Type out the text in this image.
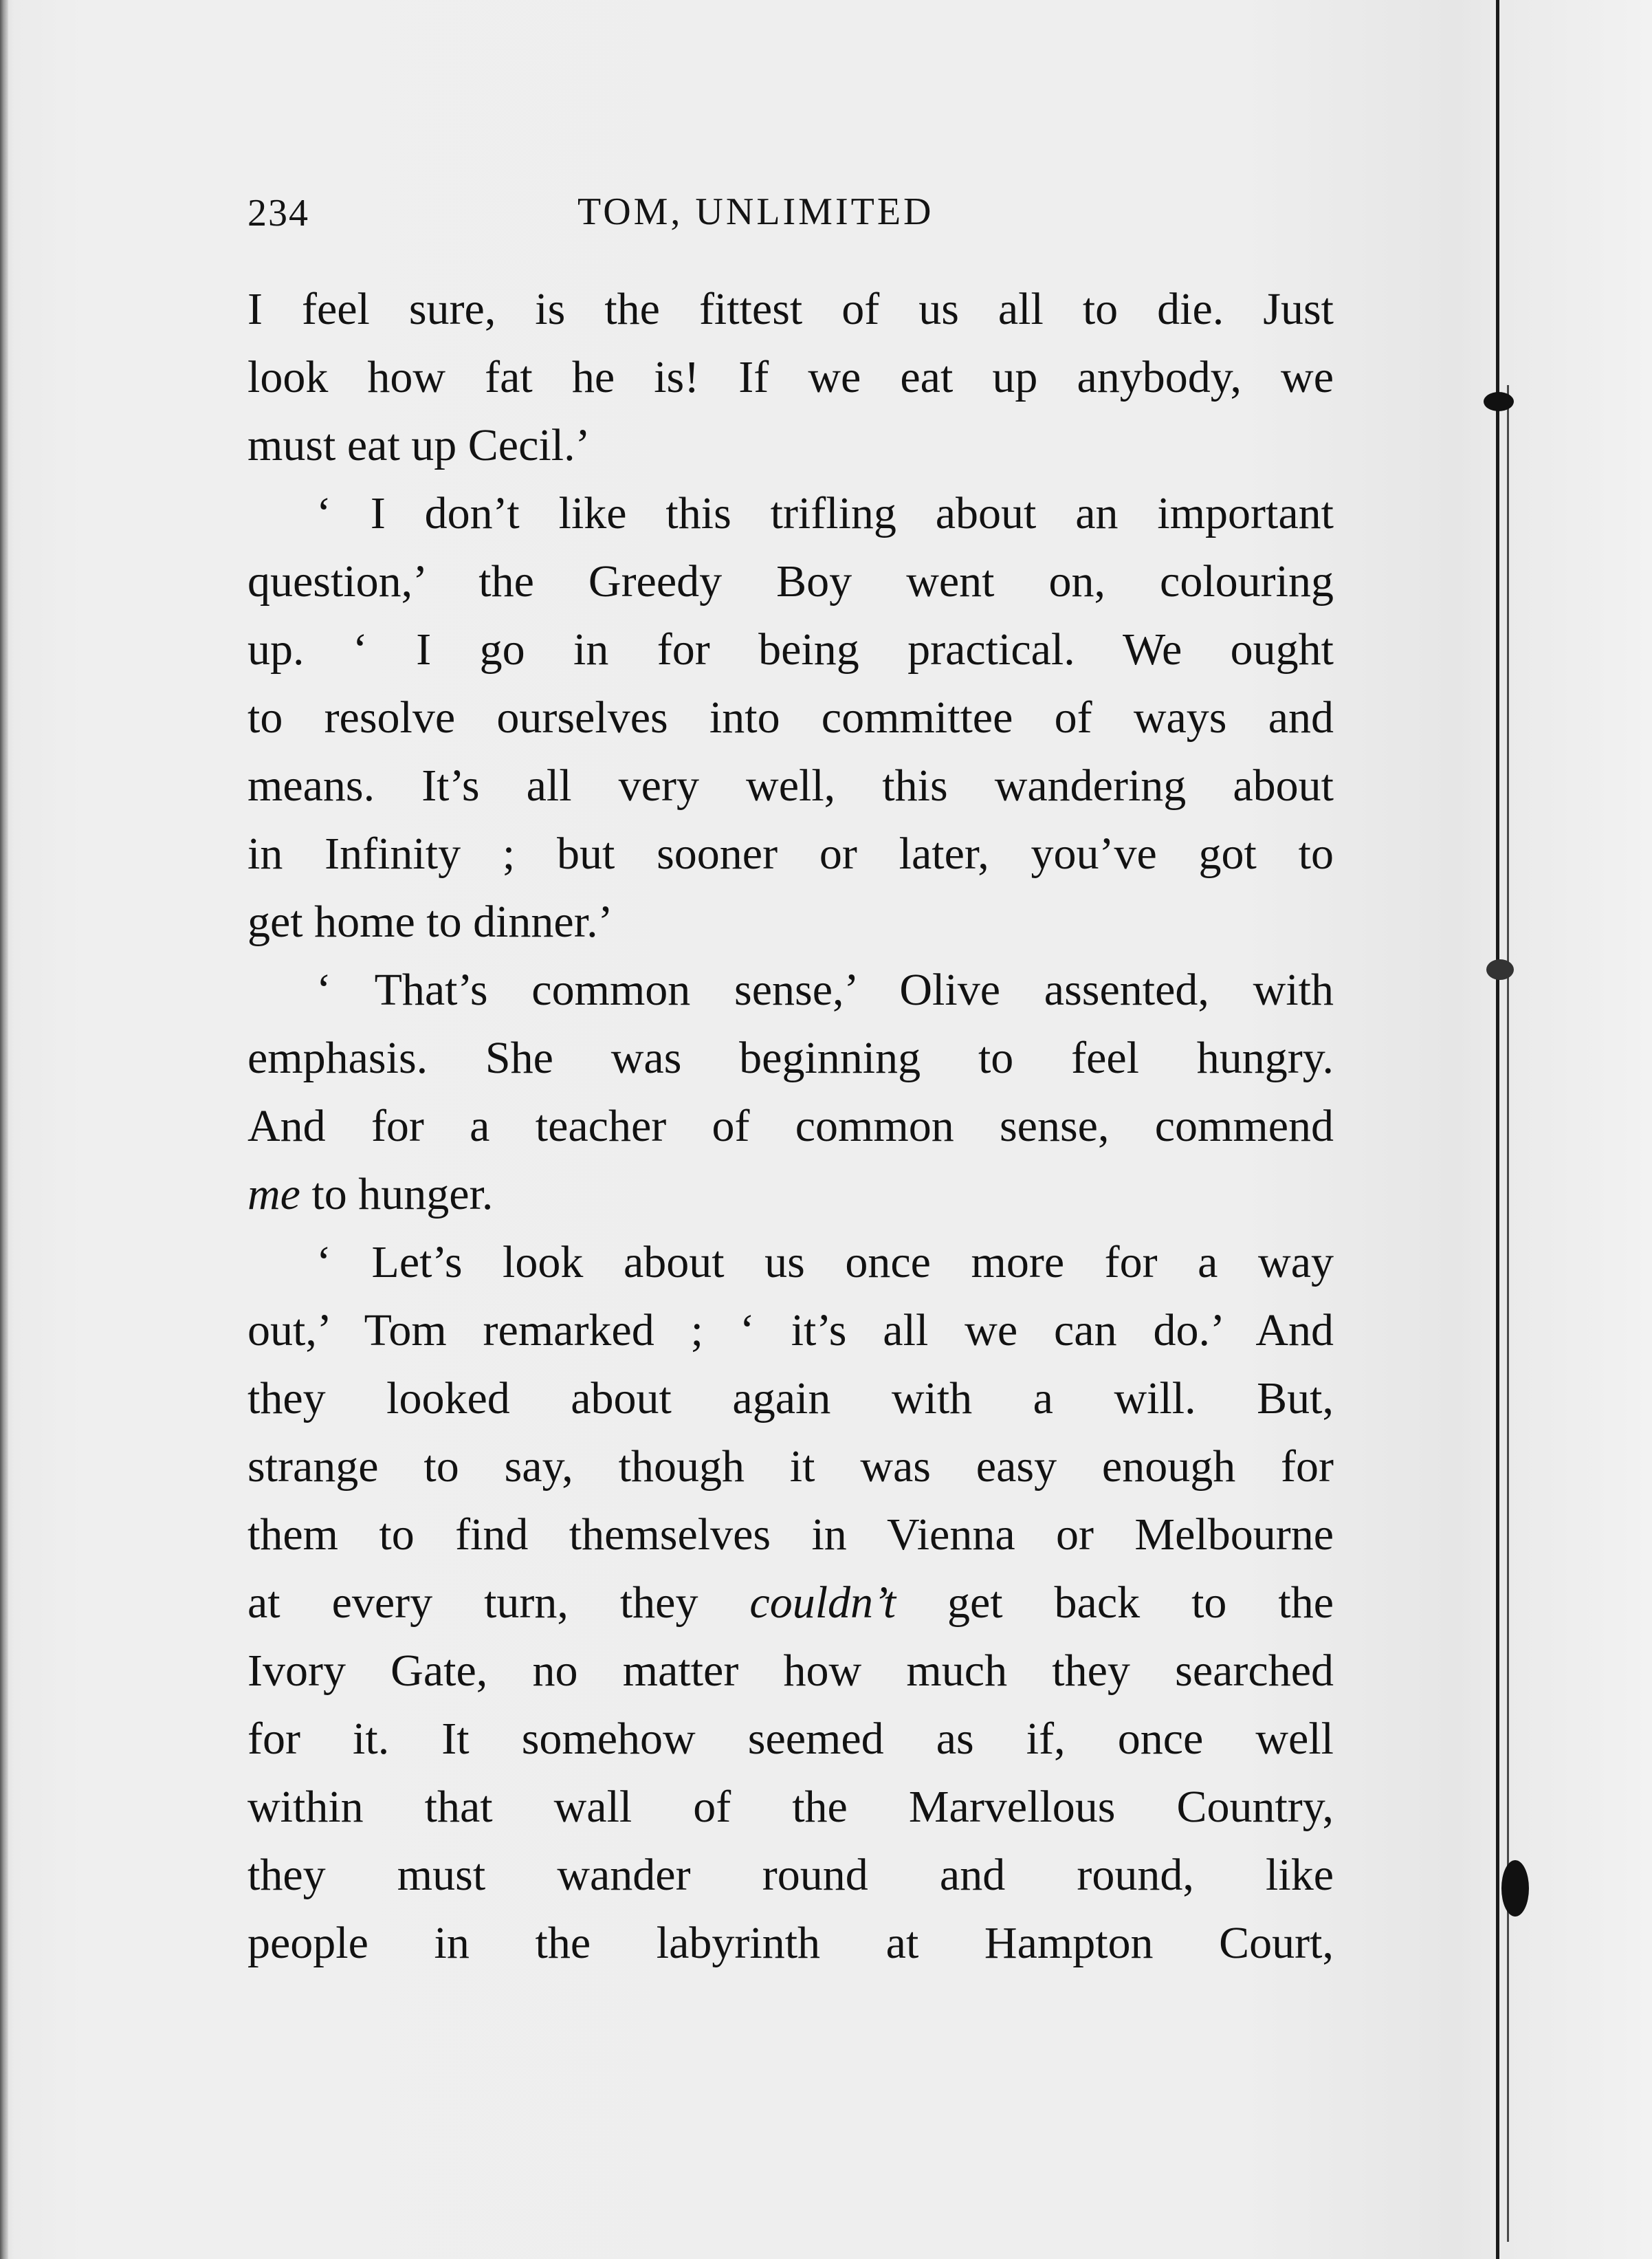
234	TOM, UNLIMITED
I feel sure, is the fittest of us all to die. Just
look how fat he is! If we eat up anybody, we
must eat up Cecil.’
‘ I don’t like this trifling about an important
question,’ the Greedy Boy went on, colouring
up. ‘ I go in for being practical. We ought
to resolve ourselves into committee of ways and
means. It’s all very well, this wandering about
in Infinity ; but sooner or later, you’ve got to
get home to dinner.’
‘ That’s common sense,’ Olive assented, with
emphasis. She was beginning to feel hungry.
And for a teacher of common sense, commend
me to hunger.
‘ Let’s look about us once more for a way
out,’ Tom remarked ; ‘ it’s all we can do.’ And
they looked about again with a will. But,
strange to say, though it was easy enough for
them to find themselves in Vienna or Melbourne
at every turn, they couldn’t get back to the
Ivory Gate, no matter how much they searched
for it. It somehow seemed as if, once well
within that wall of the Marvellous Country,
they must wander round and round, like
people in the labyrinth at Hampton Court,
